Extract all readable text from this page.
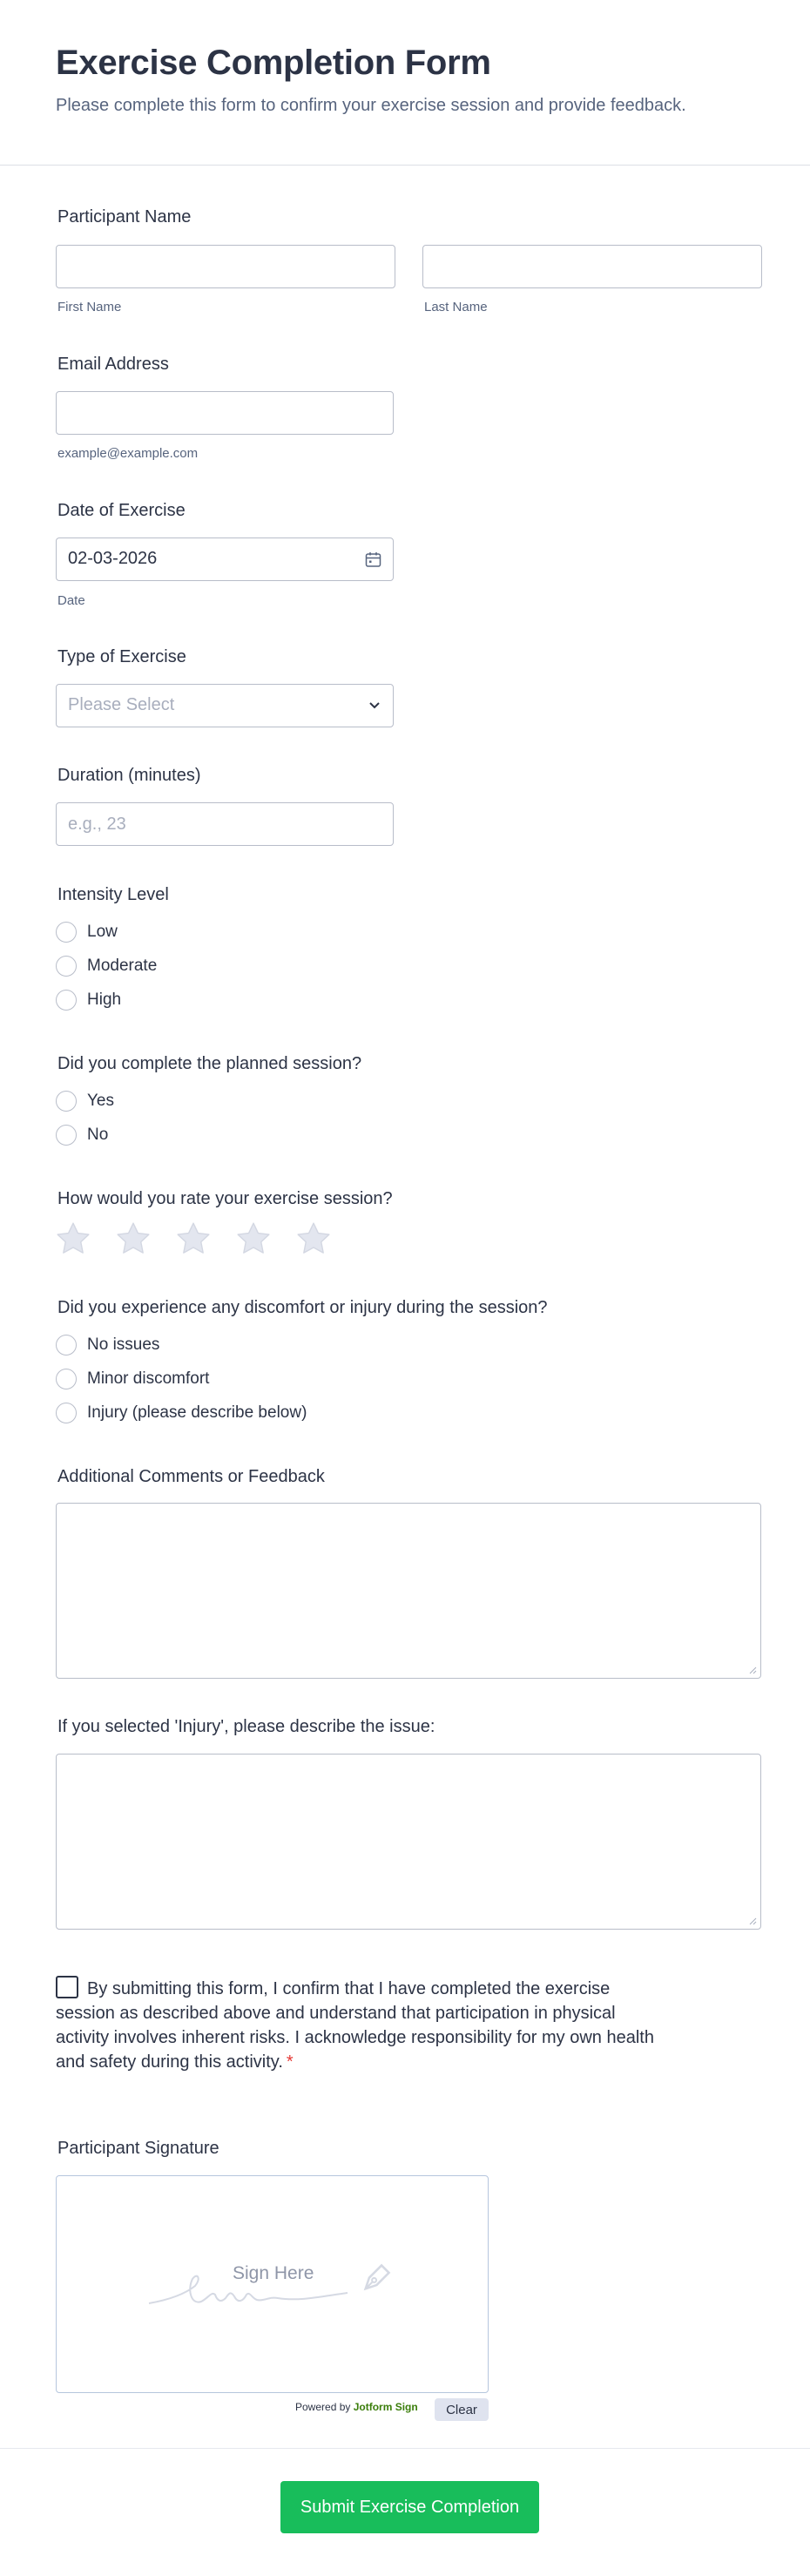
Exercise Completion Form
Please complete this form to confirm your exercise session and provide feedback.
Participant Name
First Name	Last Name
Email Address
example@example.com
Date of Exercise
02-03-2026
Date
Type of Exercise
Please Select
Duration (minutes)
e.g., 23
Intensity Level
Low
Moderate
High
Did you complete the planned session?
Yes
No
How would you rate your exercise session?
Did you experience any discomfort or injury during the session?
No issues
Minor discomfort
Injury (please describe below)
Additional Comments or Feedback
If you selected 'Injury', please describe the issue:
By submitting this form, I confirm that I have completed the exercise session as described above and understand that participation in physical activity involves inherent risks. I acknowledge responsibility for my own health and safety during this activity. *
Participant Signature
Sign Here
Powered by Jotform Sign	Clear
Submit Exercise Completion
